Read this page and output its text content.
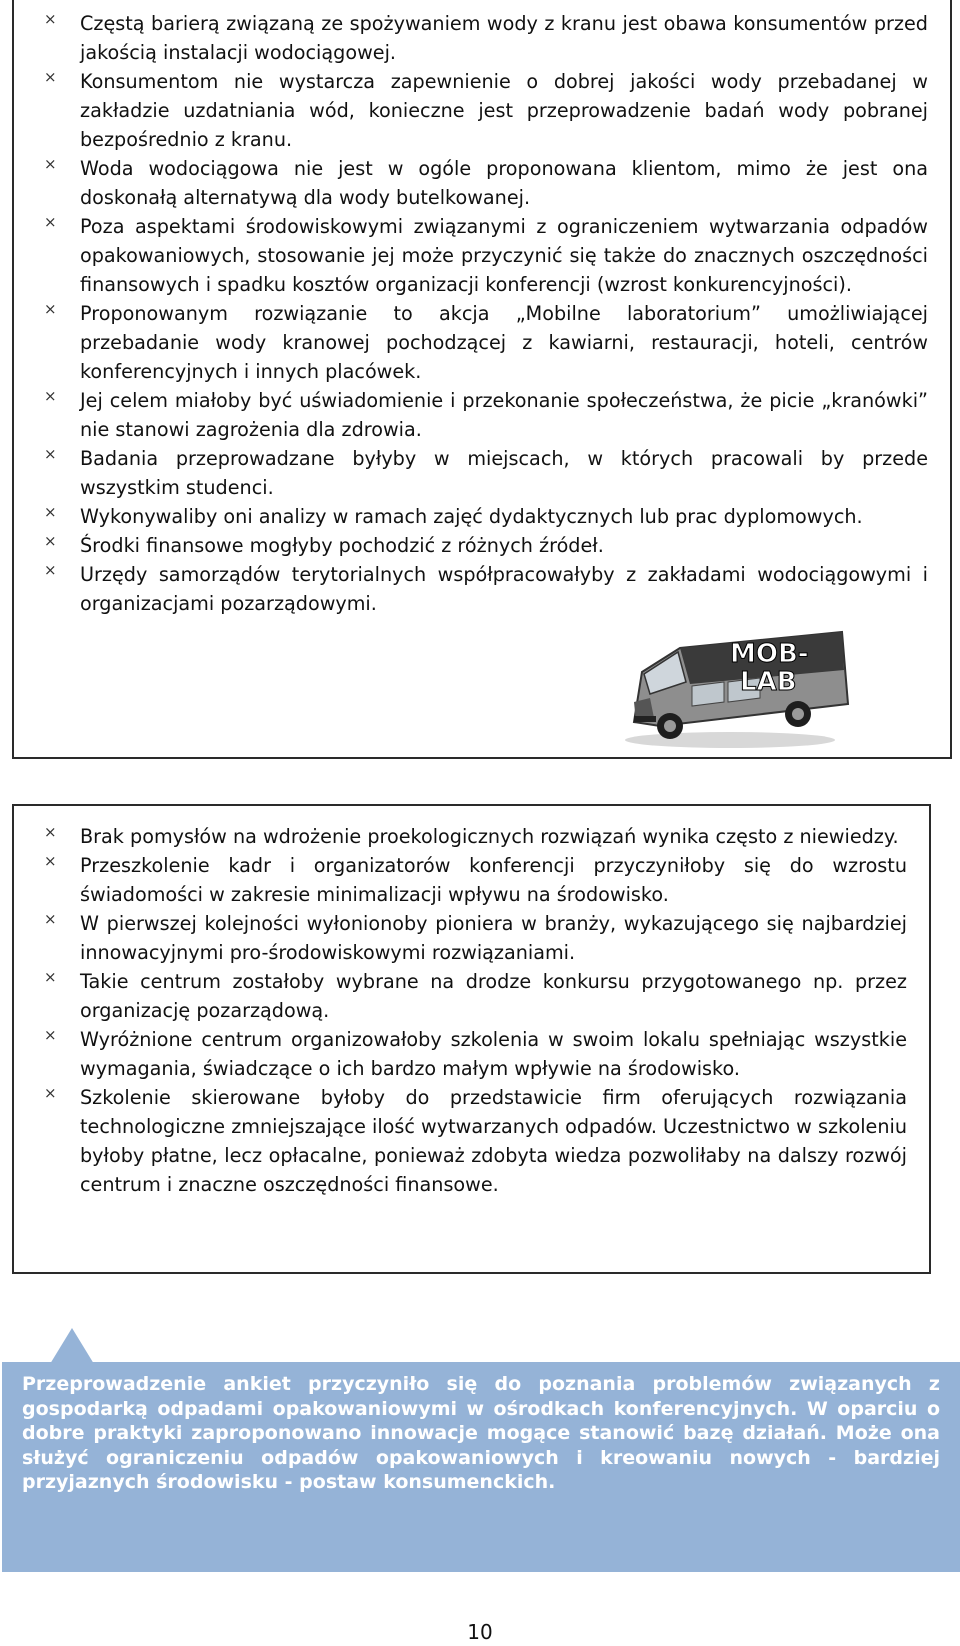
× Częstą barierą związaną ze spożywaniem wody z kranu jest obawa konsumentów przed jakością instalacji wodociągowej.
× Konsumentom nie wystarcza zapewnienie o dobrej jakości wody przebadanej w zakładzie uzdatniania wód, konieczne jest przeprowadzenie badań wody pobranej bezpośrednio z kranu.
× Woda wodociągowa nie jest w ogóle proponowana klientom, mimo że jest ona doskonałą alternatywą dla wody butelkowanej.
× Poza aspektami środowiskowymi związanymi z ograniczeniem wytwarzania odpadów opakowaniowych, stosowanie jej może przyczynić się także do znacznych oszczędności finansowych i spadku kosztów organizacji konferencji (wzrost konkurencyjności).
× Proponowanym rozwiązanie to akcja „Mobilne laboratorium” umożliwiającej przebadanie wody kranowej pochodzącej z kawiarni, restauracji, hoteli, centrów konferencyjnych i innych placówek.
× Jej celem miałoby być uświadomienie i przekonanie społeczeństwa, że picie „kranówki” nie stanowi zagrożenia dla zdrowia.
× Badania przeprowadzane byłyby w miejscach, w których pracowali by przede wszystkim studenci.
× Wykonywaliby oni analizy w ramach zajęć dydaktycznych lub prac dyplomowych.
× Środki finansowe mogłyby pochodzić z różnych źródeł.
× Urzędy samorządów terytorialnych współpracowałyby z zakładami wodociągowymi i organizacjami pozarządowymi.
MOB-
LAB
× Brak pomysłów na wdrożenie proekologicznych rozwiązań wynika często z niewiedzy.
× Przeszkolenie kadr i organizatorów konferencji przyczyniłoby się do wzrostu świadomości w zakresie minimalizacji wpływu na środowisko.
× W pierwszej kolejności wyłonionoby pioniera w branży, wykazującego się najbardziej innowacyjnymi pro-środowiskowymi rozwiązaniami.
× Takie centrum zostałoby wybrane na drodze konkursu przygotowanego np. przez organizację pozarządową.
× Wyróżnione centrum organizowałoby szkolenia w swoim lokalu spełniając wszystkie wymagania, świadczące o ich bardzo małym wpływie na środowisko.
× Szkolenie skierowane byłoby do przedstawicie firm oferujących rozwiązania technologiczne zmniejszające ilość wytwarzanych odpadów. Uczestnictwo w szkoleniu byłoby płatne, lecz opłacalne, ponieważ zdobyta wiedza pozwoliłaby na dalszy rozwój centrum i znaczne oszczędności finansowe.
Przeprowadzenie ankiet przyczyniło się do poznania problemów związanych z gospodarką odpadami opakowaniowymi w ośrodkach konferencyjnych. W oparciu o dobre praktyki zaproponowano innowacje mogące stanowić bazę działań. Może ona służyć ograniczeniu odpadów opakowaniowych i kreowaniu nowych - bardziej przyjaznych środowisku - postaw konsumenckich.
10
